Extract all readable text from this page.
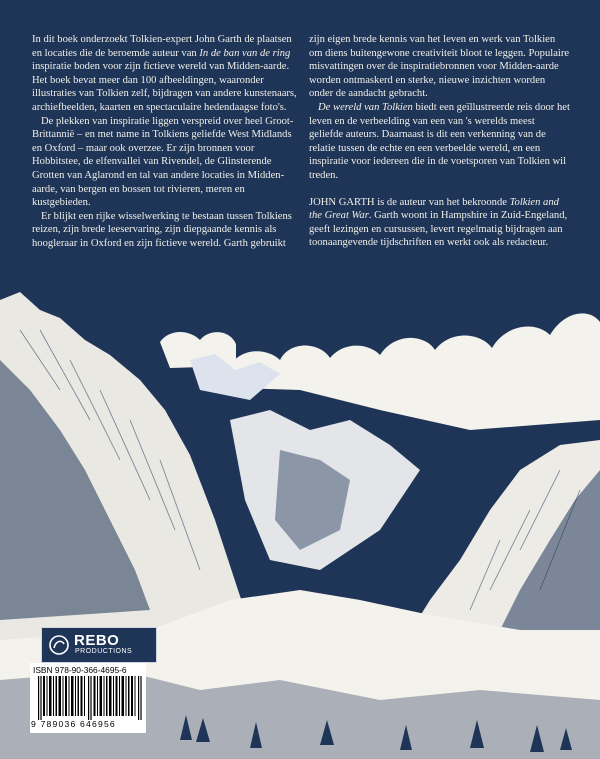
In dit boek onderzoekt Tolkien-expert John Garth de plaatsen en locaties die de beroemde auteur van In de ban van de ring inspiratie boden voor zijn fictieve wereld van Midden-aarde. Het boek bevat meer dan 100 afbeeldingen, waaronder illustraties van Tolkien zelf, bijdragen van andere kunstenaars, archiefbeelden, kaarten en spectaculaire hedendaagse foto's.

De plekken van inspiratie liggen verspreid over heel Groot-Brittannië – en met name in Tolkiens geliefde West Midlands en Oxford – maar ook overzee. Er zijn bronnen voor Hobbitstee, de elfenvallei van Rivendel, de Glinsterende Grotten van Aglarond en tal van andere locaties in Midden-aarde, van bergen en bossen tot rivieren, meren en kustgebieden.

Er blijkt een rijke wisselwerking te bestaan tussen Tolkiens reizen, zijn brede leeservaring, zijn diepgaande kennis als hoogleraar in Oxford en zijn fictieve wereld. Garth gebruikt

zijn eigen brede kennis van het leven en werk van Tolkien om diens buitengewone creativiteit bloot te leggen. Populaire misvattingen over de inspiratiebronnen voor Midden-aarde worden ontmaskerd en sterke, nieuwe inzichten worden onder de aandacht gebracht.

De wereld van Tolkien biedt een geïllustreerde reis door het leven en de verbeelding van een van 's werelds meest geliefde auteurs. Daarnaast is dit een verkenning van de relatie tussen de echte en een verbeelde wereld, en een inspiratie voor iedereen die in de voetsporen van Tolkien wil treden.

JOHN GARTH is de auteur van het bekroonde Tolkien and the Great War. Garth woont in Hampshire in Zuid-Engeland, geeft lezingen en cursussen, levert regelmatig bijdragen aan toonaangevende tijdschriften en werkt ook als redacteur.

REBO
PRODUCTIONS
ISBN 978-90-366-4695-6
9 789036 646956
